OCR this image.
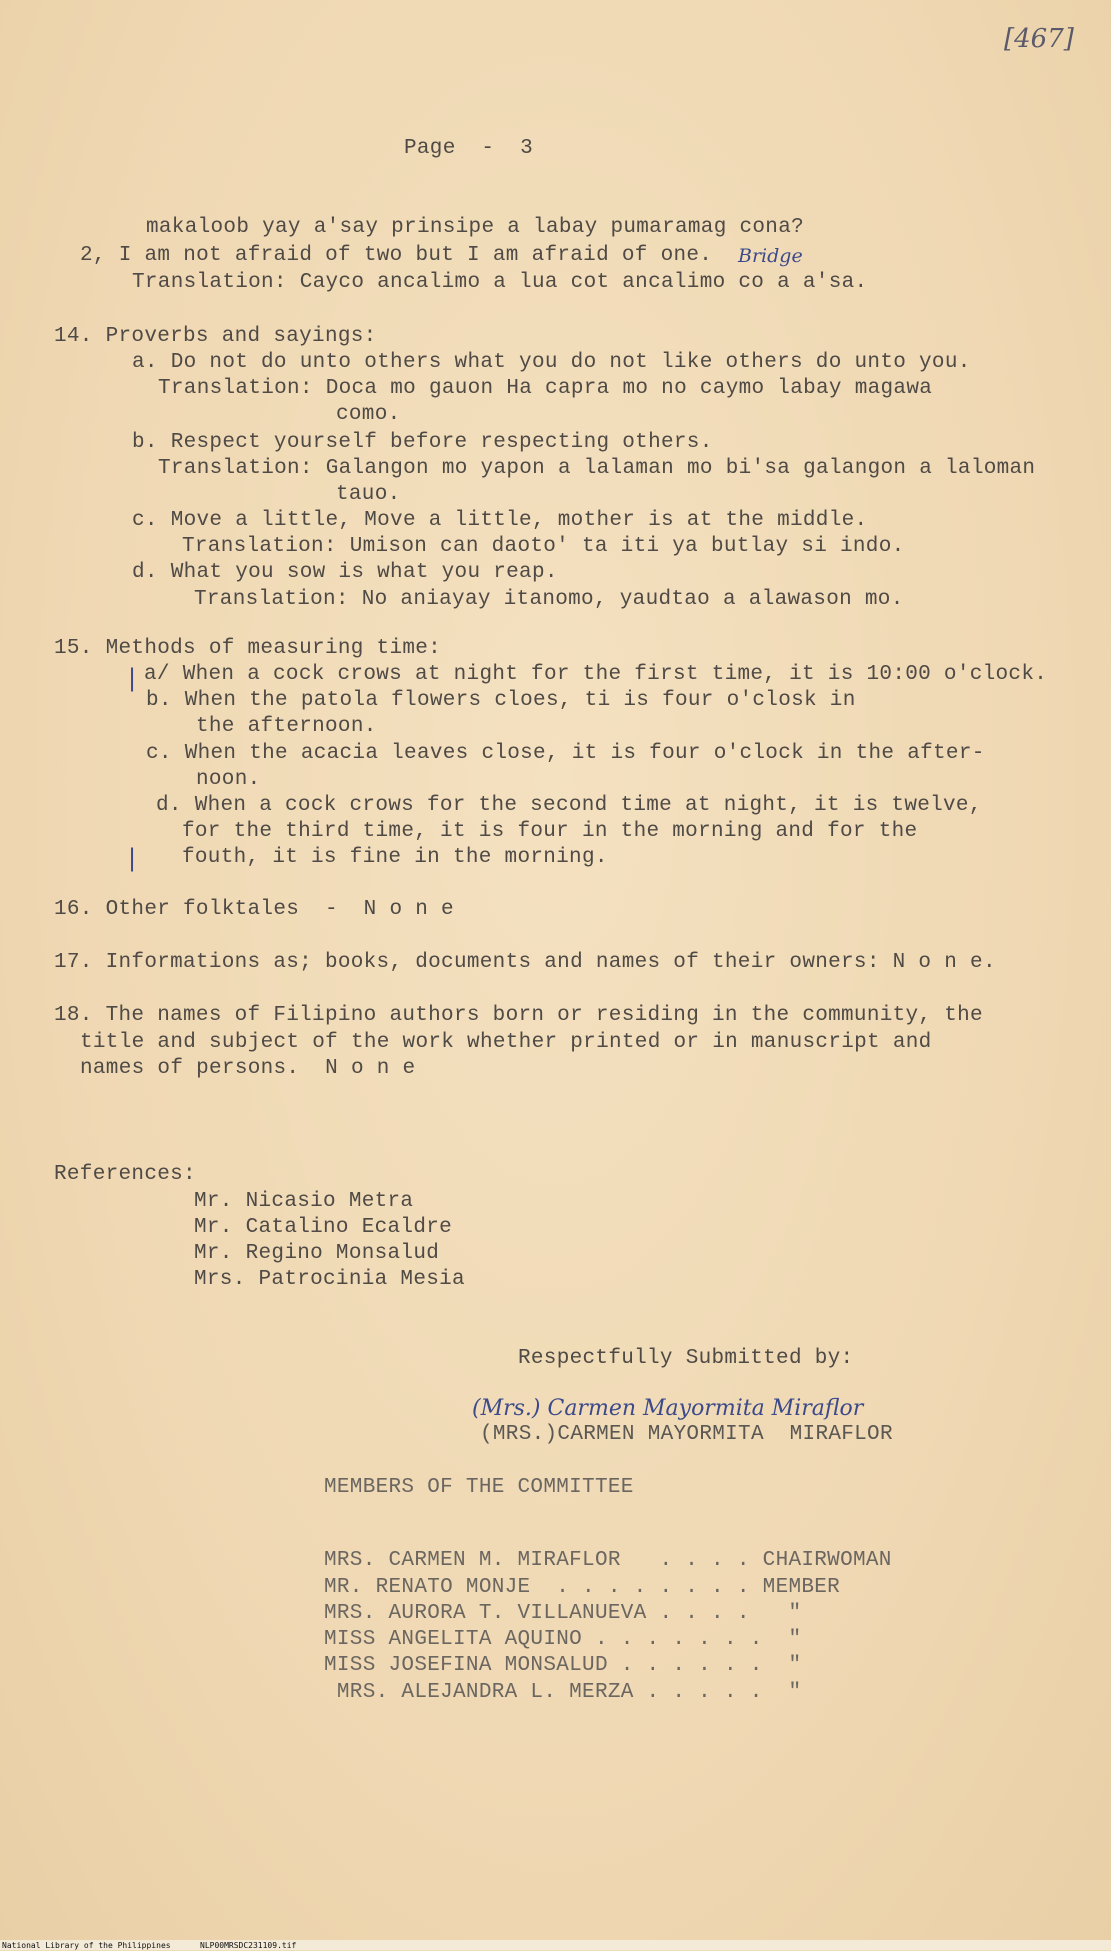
[467]
Page  -  3
makaloob yay a'say prinsipe a labay pumaramag cona?
2, I am not afraid of two but I am afraid of one. Bridge
Translation: Cayco ancalimo a lua cot ancalimo co a a'sa.
14. Proverbs and sayings:
a. Do not do unto others what you do not like others do unto you.
Translation: Doca mo gauon Ha capra mo no caymo labay magawa
como.
b. Respect yourself before respecting others.
Translation: Galangon mo yapon a lalaman mo bi'sa galangon a laloman
tauo.
c. Move a little, Move a little, mother is at the middle.
Translation: Umison can daoto' ta iti ya butlay si indo.
d. What you sow is what you reap.
Translation: No aniayay itanomo, yaudtao a alawason mo.
15. Methods of measuring time:
| a/ When a cock crows at night for the first time, it is 10:00 o'clock.
b. When the patola flowers cloes, ti is four o'closk in
the afternoon.
c. When the acacia leaves close, it is four o'clock in the after-
noon.
d. When a cock crows for the second time at night, it is twelve,
for the third time, it is four in the morning and for the
fouth, it is fine in the morning.
|
16. Other folktales  -  N o n e
17. Informations as; books, documents and names of their owners: N o n e.
18. The names of Filipino authors born or residing in the community, the
title and subject of the work whether printed or in manuscript and
names of persons.  N o n e
References:
Mr. Nicasio Metra
Mr. Catalino Ecaldre
Mr. Regino Monsalud
Mrs. Patrocinia Mesia
Respectfully Submitted by:
(Mrs.) Carmen Mayormita Miraflor
(MRS.)CARMEN MAYORMITA  MIRAFLOR
MEMBERS OF THE COMMITTEE
MRS. CARMEN M. MIRAFLOR   . . . . CHAIRWOMAN
MR. RENATO MONJE  . . . . . . . . MEMBER
MRS. AURORA T. VILLANUEVA . . . .   "
MISS ANGELITA AQUINO . . . . . . .  "
MISS JOSEFINA MONSALUD . . . . . .  "
MRS. ALEJANDRA L. MERZA . . . . .  "
National Library of the Philippines	NLP00MRSDC231109.tif
